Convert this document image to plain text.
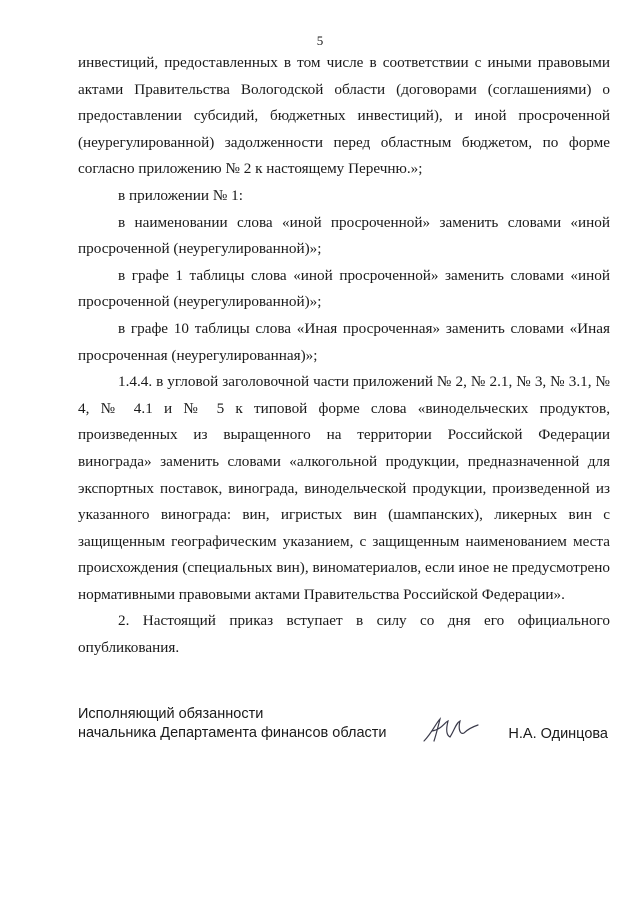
5

инвестиций, предоставленных в том числе в соответствии с иными правовыми актами Правительства Вологодской области (договорами (соглашениями) о предоставлении субсидий, бюджетных инвестиций), и иной просроченной (неурегулированной) задолженности перед областным бюджетом, по форме согласно приложению № 2 к настоящему Перечню.»;

в приложении № 1:

в наименовании слова «иной просроченной» заменить словами «иной просроченной (неурегулированной)»;

в графе 1 таблицы слова «иной просроченной» заменить словами «иной просроченной (неурегулированной)»;

в графе 10 таблицы слова «Иная просроченная» заменить словами «Иная просроченная (неурегулированная)»;

1.4.4. в угловой заголовочной части приложений № 2, № 2.1, № 3, № 3.1, № 4, № 4.1 и № 5 к типовой форме слова «винодельческих продуктов, произведенных из выращенного на территории Российской Федерации винограда» заменить словами «алкогольной продукции, предназначенной для экспортных поставок, винограда, винодельческой продукции, произведенной из указанного винограда: вин, игристых вин (шампанских), ликерных вин с защищенным географическим указанием, с защищенным наименованием места происхождения (специальных вин), виноматериалов, если иное не предусмотрено нормативными правовыми актами Правительства Российской Федерации».

2. Настоящий приказ вступает в силу со дня его официального опубликования.

Исполняющий обязанности
начальника Департамента финансов области	Н.А. Одинцова
